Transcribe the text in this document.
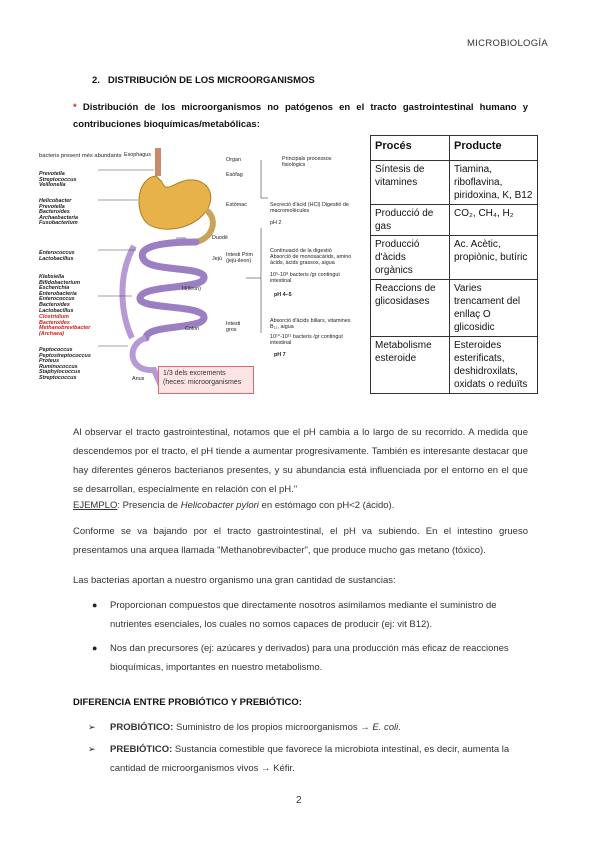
MICROBIOLOGÍA
2. DISTRIBUCIÓN DE LOS MICROORGANISMOS
* Distribución de los microorganismos no patógenos en el tracto gastrointestinal humano y contribuciones bioquímicas/metabólicas:
bacteris present més abundants Esophagus
Organ	Principals processos fisiològics
Prevotella
Streptococcus
Veillonella
Helicobacter
Prevotella
Bacteroides
Archaebacteria
Fusobacterium
Enterococcus
Lactobacillus
Klebsiella
Bifidobacterium
Escherichia
Enterobacteria
Enterococcus
Bacteroides
Lactobacillus
Clostridium
Bacteroides
Methanobrevibacter
(Archaea)
Peptococcus
Peptostreptococcus
Proteus
Ruminococcus
Staphylococcus
Streptococcus
Esòfag
Estòmac
Duodè
Intesti Prim (jejú-ileon)
Jejú
Ili(ileon)
Intesti gros
Colon
Anus
Secreció d'àcid (HCl) Digestió de macromolècules
pH 2
Continuació de la digestió Absorció de monosacàrids, amino àcids, àcids grassos, aigua
10⁵-10⁸ bacteris /gr contingut intestinal
pH 4–5
Absorció d'àcids biliars, vitamines B₁₂, aigua
10¹⁰-10¹¹ bacteris /gr contingut intestinal
pH 7
1/3 dels excrements (heces: microorganismes
Procés	Producte
Síntesis de vitamines	Tiamina, riboflavina, piridoxina, K, B12
Producció de gas	CO₂, CH₄, H₂
Producció d'àcids orgànics	Ac. Acètic, propiònic, butíric
Reaccions de glicosidases	Varies trencament del enllaç O glicosidic
Metabolisme esteroide	Esteroides esterificats, deshidroxilats, oxidats o reduïts
Al observar el tracto gastrointestinal, notamos que el pH cambia a lo largo de su recorrido. A medida que descendemos por el tracto, el pH tiende a aumentar progresivamente. También es interesante destacar que hay diferentes géneros bacterianos presentes, y su abundancia está influenciada por el entorno en el que se desarrollan, especialmente en relación con el pH."
EJEMPLO: Presencia de Helicobacter pylori en estómago con pH<2 (ácido).
Conforme se va bajando por el tracto gastrointestinal, el pH va subiendo. En el intestino grueso presentamos una arquea llamada "Methanobrevibacter", que produce mucho gas metano (tóxico).
Las bacterias aportan a nuestro organismo una gran cantidad de sustancias:
● Proporcionan compuestos que directamente nosotros asimilamos mediante el suministro de nutrientes esenciales, los cuales no somos capaces de producir (ej: vit B12).
● Nos dan precursores (ej: azúcares y derivados) para una producción más eficaz de reacciones bioquímicas, importantes en nuestro metabolismo.
DIFERENCIA ENTRE PROBIÓTICO Y PREBIÓTICO:
➢ PROBIÓTICO: Suministro de los propios microorganismos → E. coli.
➢ PREBIÓTICO: Sustancia comestible que favorece la microbiota intestinal, es decir, aumenta la cantidad de microorganismos vivos → Kéfir.
2
